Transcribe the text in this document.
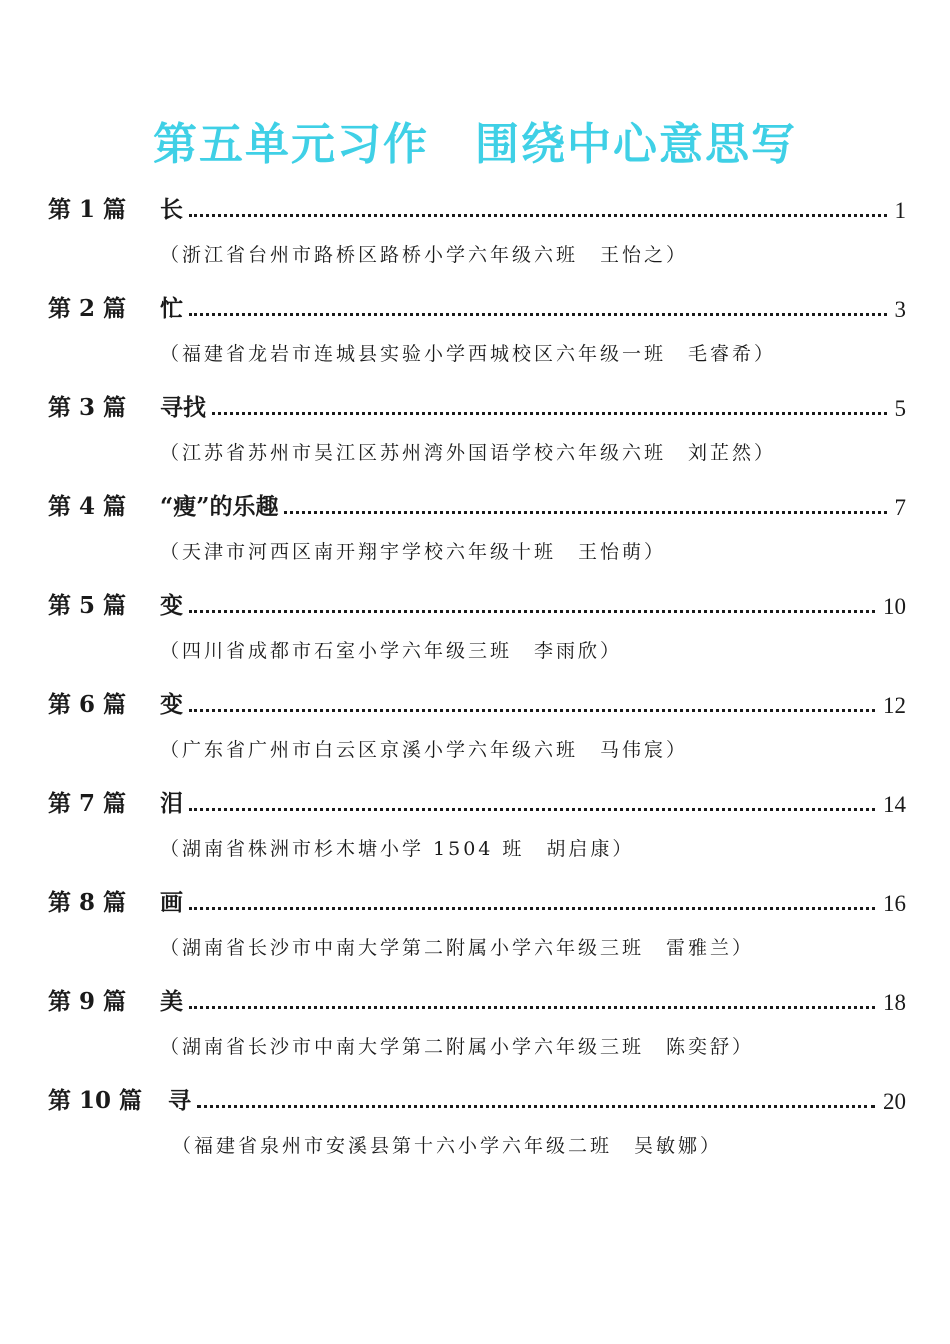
第五单元习作　围绕中心意思写
第 1 篇	长	1
（浙江省台州市路桥区路桥小学六年级六班　王怡之）
第 2 篇	忙	3
（福建省龙岩市连城县实验小学西城校区六年级一班　毛睿希）
第 3 篇	寻找	5
（江苏省苏州市吴江区苏州湾外国语学校六年级六班　刘芷然）
第 4 篇	“瘦”的乐趣	7
（天津市河西区南开翔宇学校六年级十班　王怡萌）
第 5 篇	变	10
（四川省成都市石室小学六年级三班　李雨欣）
第 6 篇	变	12
（广东省广州市白云区京溪小学六年级六班　马伟宸）
第 7 篇	泪	14
（湖南省株洲市杉木塘小学 1504 班　胡启康）
第 8 篇	画	16
（湖南省长沙市中南大学第二附属小学六年级三班　雷雅兰）
第 9 篇	美	18
（湖南省长沙市中南大学第二附属小学六年级三班　陈奕舒）
第 10 篇	寻	20
（福建省泉州市安溪县第十六小学六年级二班　吴敏娜）
